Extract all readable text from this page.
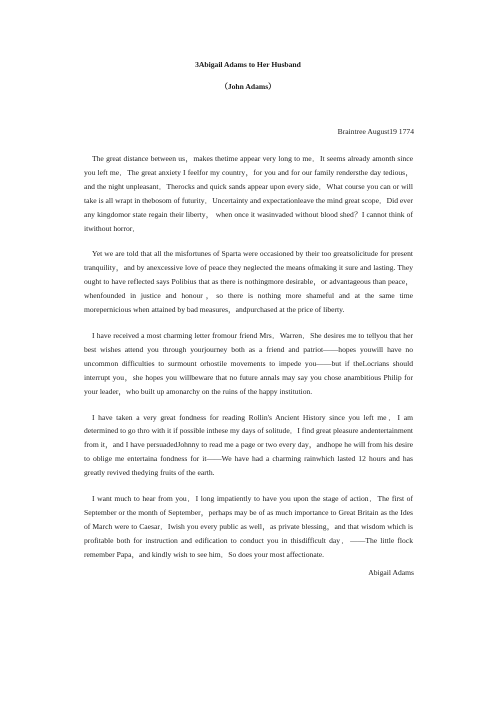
3Abigail Adams to Her Husband
（John Adams）
Braintree August19 1774

The great distance between us，makes thetime appear very long to me．It seems already amonth since you left me．The great anxiety I feelfor my country，for you and for our family rendersthe day tedious， and the night unpleasant．Therocks and quick sands appear upon every side．What course you can or will take is all wrapt in thebosom of futurity．Uncertainty and expectationleave the mind great scope．Did ever any kingdomor state regain their liberty， when once it wasinvaded without blood shed？I cannot think of itwithout horror．

Yet we are told that all the misfortunes of Sparta were occasioned by their too greatsolicitude for present tranquility，and by anexcessive love of peace they neglected the means ofmaking it sure and lasting. They ought to have reflected says Polibius that as there is nothingmore desirable，or advantageous than peace，whenfounded in justice and honour，so there is nothing more shameful and at the same time morepernicious when attained by bad measures，andpurchased at the price of liberty.

I have received a most charming letter fromour friend Mrs．Warren．She desires me to tellyou that her best wishes attend you through yourjourney both as a friend and patriot——hopes youwill have no uncommon difficulties to surmount orhostile movements to impede you——but if theLocrians should interrupt you，she hopes you willbeware that no future annals may say you chose anambitious Philip for your leader，who built up amonarchy on the ruins of the happy institution.

I have taken a very great fondness for reading Rollin's Ancient History since you left me．I am determined to go thro with it if possible inthese my days of solitude．I find great pleasure andentertainment from it，and I have persuadedJohnny to read me a page or two every day，andhope he will from his desire to oblige me entertaina fondness for it——We have had a charming rainwhich lasted 12 hours and has greatly revived thedying fruits of the earth.

I want much to hear from you．I long impatiently to have you upon the stage of action．The first of September or the month of September，perhaps may be of as much importance to Great Britain as the Ides of March were to Caesar．Iwish you every public as well，as private blessing，and that wisdom which is profitable both for instruction and edification to conduct you in thisdifficult day．——The little flock remember Papa，and kindly wish to see him．So does your most affectionate.

Abigail Adams
